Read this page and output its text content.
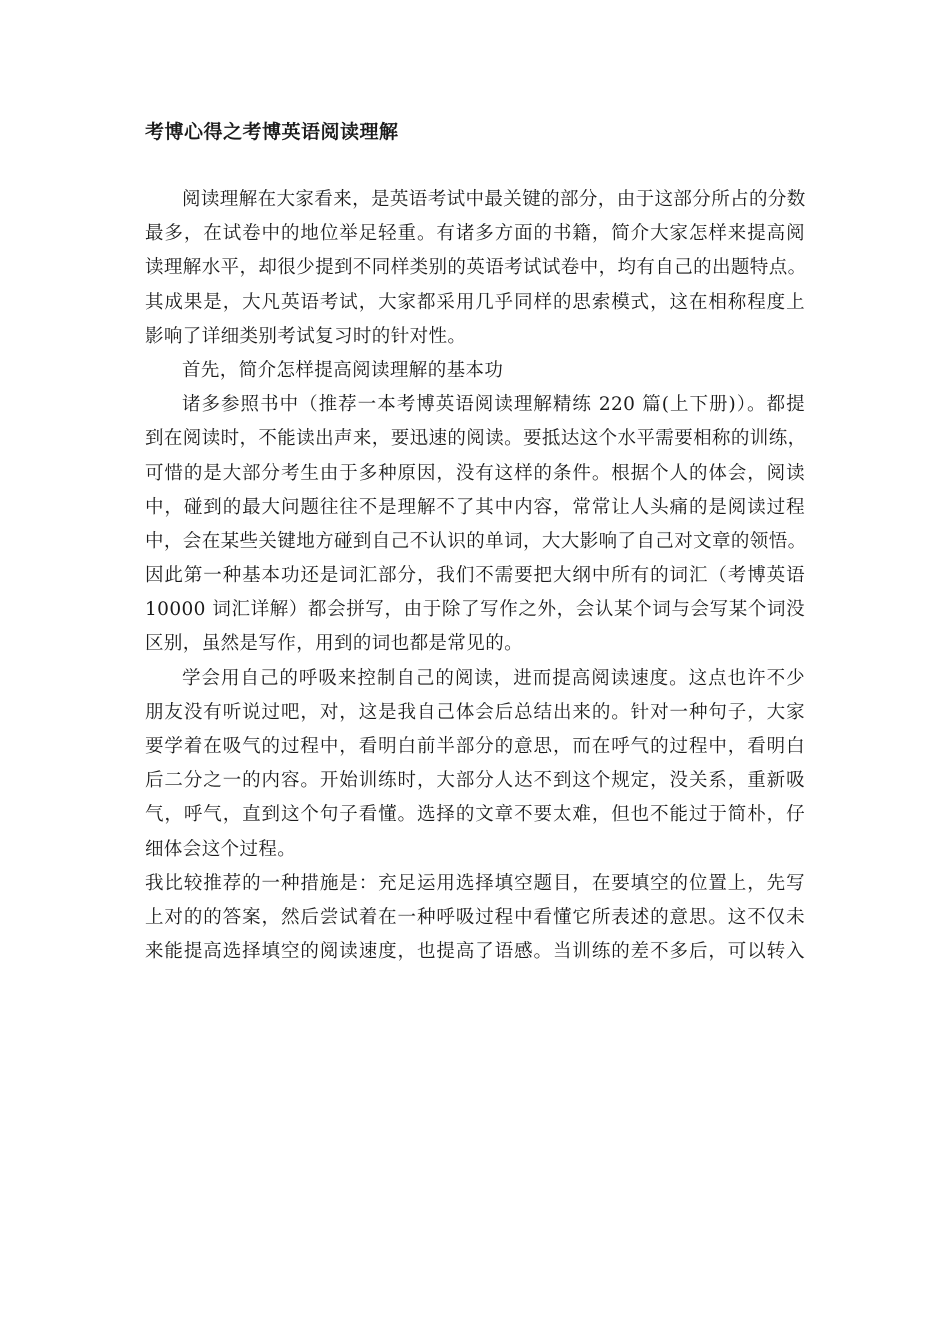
考博心得之考博英语阅读理解
阅读理解在大家看来，是英语考试中最关键的部分，由于这部分所占的分数
最多，在试卷中的地位举足轻重。有诸多方面的书籍，简介大家怎样来提高阅
读理解水平，却很少提到不同样类别的英语考试试卷中，均有自己的出题特点。
其成果是，大凡英语考试，大家都采用几乎同样的思索模式，这在相称程度上
影响了详细类别考试复习时的针对性。
首先，简介怎样提高阅读理解的基本功
诸多参照书中（推荐一本考博英语阅读理解精练 220 篇(上下册)）。都提
到在阅读时，不能读出声来，要迅速的阅读。要抵达这个水平需要相称的训练，
可惜的是大部分考生由于多种原因，没有这样的条件。根据个人的体会，阅读
中，碰到的最大问题往往不是理解不了其中内容，常常让人头痛的是阅读过程
中，会在某些关键地方碰到自己不认识的单词，大大影响了自己对文章的领悟。
因此第一种基本功还是词汇部分，我们不需要把大纲中所有的词汇（考博英语
10000 词汇详解）都会拼写，由于除了写作之外，会认某个词与会写某个词没
区别，虽然是写作，用到的词也都是常见的。
学会用自己的呼吸来控制自己的阅读，进而提高阅读速度。这点也许不少
朋友没有听说过吧，对，这是我自己体会后总结出来的。针对一种句子，大家
要学着在吸气的过程中，看明白前半部分的意思，而在呼气的过程中，看明白
后二分之一的内容。开始训练时，大部分人达不到这个规定，没关系，重新吸
气，呼气，直到这个句子看懂。选择的文章不要太难，但也不能过于简朴，仔
细体会这个过程。
我比较推荐的一种措施是：充足运用选择填空题目，在要填空的位置上，先写
上对的的答案，然后尝试着在一种呼吸过程中看懂它所表述的意思。这不仅未
来能提高选择填空的阅读速度，也提高了语感。当训练的差不多后，可以转入
